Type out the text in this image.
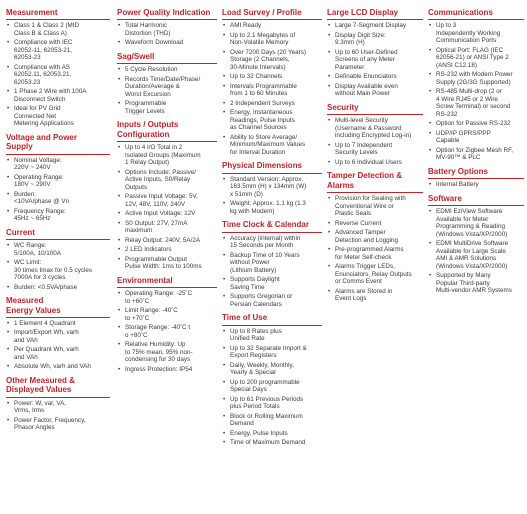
Measurement
• Class 1 & Class 2 (MID
Class B & Class A)
• Compliance with IEC
62052-11, 62053-21,
62053-23
• Compliance with AS
62052.11, 62053.21,
62053.23
• 1 Phase 2 Wire with 100A
Disconnect Switch
• Ideal for PV Grid
Connected Net
Metering Applications
Voltage and Power
Supply
• Nominal Voltage:
220V ~ 240V
• Operating Range:
180V ~ 290V
• Burden:
<10VA/phase @ Vn
• Frequency Range:
45Hz ~ 65Hz
Current
• WC Range:
5/100A, 10/100A
• WC Limit:
30 times Imax for 0.5 cycles
7000A for 3 cycles
• Burden: <0.5VA/phase
Measured
Energy Values
• 1 Element 4 Quadrant
• Import/Export Wh, varh
and VAh
• Per Quadrant Wh, varh
and VAh
• Absolute Wh, varh and VAh
Other Measured &
Displayed Values
• Power: W, var, VA,
Vrms, Irms
• Power Factor, Frequency,
Phasor Angles
Power Quality Indication
• Total Harmonic
Distortion (THD)
• Waveform Download
Sag/Swell
• 5 Cycle Resolution
• Records Time/Date/Phase/
Duration/Average &
Worst Excursion
• Programmable
Trigger Levels
Inputs / Outputs
Configuration
• Up to 4 I/O Total in 2
Isolated Groups (Maximum
1 Relay Output)
• Options Include: Passive/
Active Inputs, S0/Relay
Outputs
• Passive Input Voltage: 5V,
12V, 48V, 110V, 240V
• Active Input Voltage: 12V
• S0 Output: 27V, 27mA
maximum
• Relay Output: 240V, 5A/2A
• 2 LED Indicators
• Programmable Output
Pulse Width: 1ms to 100ms
Environmental
• Operating Range: -25˚C
to +60˚C
• Limit Range: -40˚C
to +70˚C
• Storage Range: -40˚C t
o +80˚C
• Relative Humidity: Up
to 75% mean, 95% non-
condensing for 30 days
• Ingress Protection: IP54
Load Survey / Profile
• AMI Ready
• Up to 2.1 Megabytes of
Non-Volatile Memory
• Over 7200 Days (20 Years)
Storage (2 Channels,
30-Minute Intervals)
• Up to 32 Channels
• Intervals Programmable
from 1 to 60 Minutes
• 2 Independent Surveys
• Energy, Instantaneous
Readings, Pulse Inputs
as Channel Sources
• Ability to Store Average/
Minimum/Maximum Values
for Interval Duration
Physical Dimensions
• Standard Version: Approx.
163.5mm (H) x 134mm (W)
x 51mm (D)
• Weight: Approx. 1.1 kg (1.3
kg with Modem)
Time Clock & Calendar
• Accuracy (internal) within
15 Seconds per Month
• Backup Time of 10 Years
without Power
(Lithium Battery)
• Supports Daylight
Saving Time
• Supports Gregorian or
Persian Calendars
Time of Use
• Up to 8 Rates plus
Unified Rate
• Up to 32 Separate Import &
Export Registers
• Daily, Weekly, Monthly,
Yearly & Special
• Up to 200 programmable
Special Days
• Up to 61 Previous Periods
plus Period Totals
• Block or Rolling Maximum
Demand
• Energy, Pulse Inputs
• Time of Maximum Demand
Large LCD Display
• Large 7-Segment Display
• Display Digit Size:
9.3mm (H)
• Up to 60 User-Defined
Screens of any Meter
Parameter
• Definable Enunciators
• Display Available even
without Main Power
Security
• Multi-level Security
(Username & Password
including Encrypted Log-in)
• Up to 7 Independent
Security Levels
• Up to 6 Individual Users
Tamper Detection &
Alarms
• Provision for Sealing with
Conventional Wire or
Plastic Seals
• Reverse Current
• Advanced Tamper
Detection and Logging
• Pre-programmed Alarms
for Meter Self-check
• Alarms Trigger LEDs,
Enunciators, Relay Outputs
or Comms Event
• Alarms are Stored in
Event Logs
Communications
• Up to 3
Independently Working
Communication Ports
• Optical Port: FLAG (IEC
62056-21) or ANSI Type 2
(ANSI C12.18)
• RS-232 with Modem Power
Supply (2G/3G Supported)
• RS-485 Multi-drop (2 or
4 Wire RJ45 or 2 Wire
Screw Terminal) or second
RS-232
• Option for Passive RS-232
• UDP/IP GPRS/PPP
Capable
• Option for Zigbee Mesh RF,
MV-90™ & PLC
Battery Options
• Internal Battery
Software
• EDMI EziView Software
Available for Meter
Programming & Reading
(Windows Vista/XP/2000)
• EDMI MultiDrive Software
Available for Large Scale
AMI & AMR Solutions
(Windows Vista/XP/2000)
• Supported by Many
Popular Third-party
Multi-vendor AMR Systems
